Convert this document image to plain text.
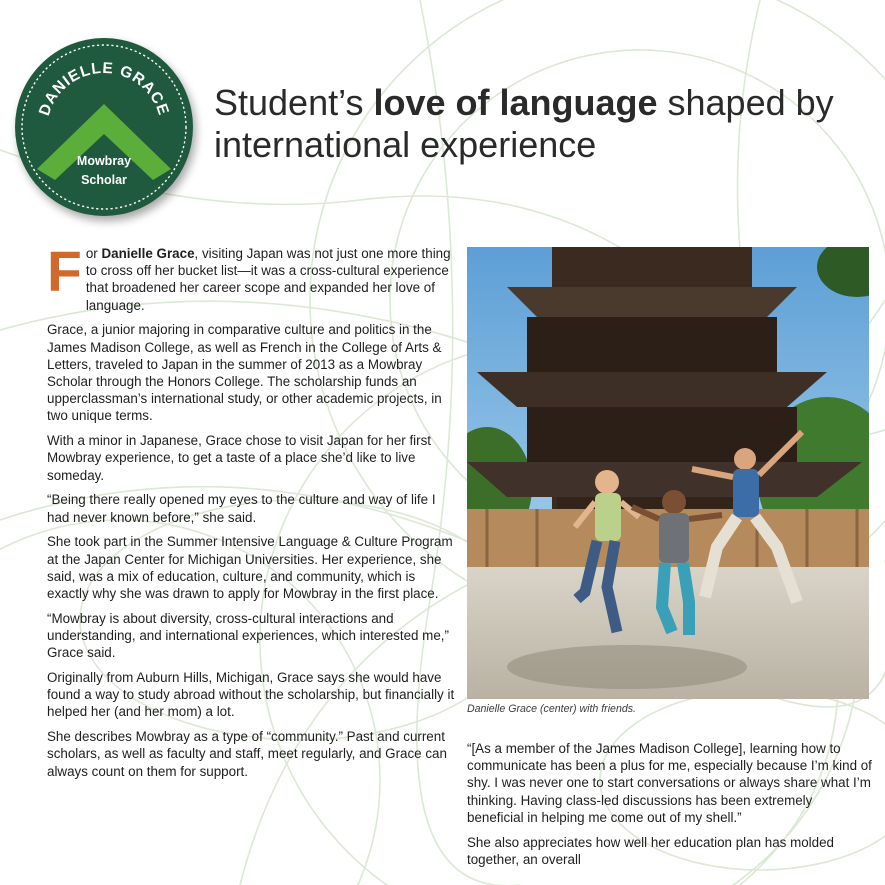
DANIELLE GRACE
Mowbray
Scholar
Student’s love of language shaped by international experience

For Danielle Grace, visiting Japan was not just one more thing to cross off her bucket list—it was a cross-cultural experience that broadened her career scope and expanded her love of language.

Grace, a junior majoring in comparative culture and politics in the James Madison College, as well as French in the College of Arts & Letters, traveled to Japan in the summer of 2013 as a Mowbray Scholar through the Honors College. The scholarship funds an upperclassman’s international study, or other academic projects, in two unique terms.

With a minor in Japanese, Grace chose to visit Japan for her first Mowbray experience, to get a taste of a place she’d like to live someday.

“Being there really opened my eyes to the culture and way of life I had never known before,” she said.

She took part in the Summer Intensive Language & Culture Program at the Japan Center for Michigan Universities. Her experience, she said, was a mix of education, culture, and community, which is exactly why she was drawn to apply for Mowbray in the first place.

“Mowbray is about diversity, cross-cultural interactions and understanding, and international experiences, which interested me,” Grace said.

Originally from Auburn Hills, Michigan, Grace says she would have found a way to study abroad without the scholarship, but financially it helped her (and her mom) a lot.

She describes Mowbray as a type of “community.” Past and current scholars, as well as faculty and staff, meet regularly, and Grace can always count on them for support.

Danielle Grace (center) with friends.

“[As a member of the James Madison College], learning how to communicate has been a plus for me, especially because I’m kind of shy. I was never one to start conversations or always share what I’m thinking. Having class-led discussions has been extremely beneficial in helping me come out of my shell.”

She also appreciates how well her education plan has molded together, an overall
